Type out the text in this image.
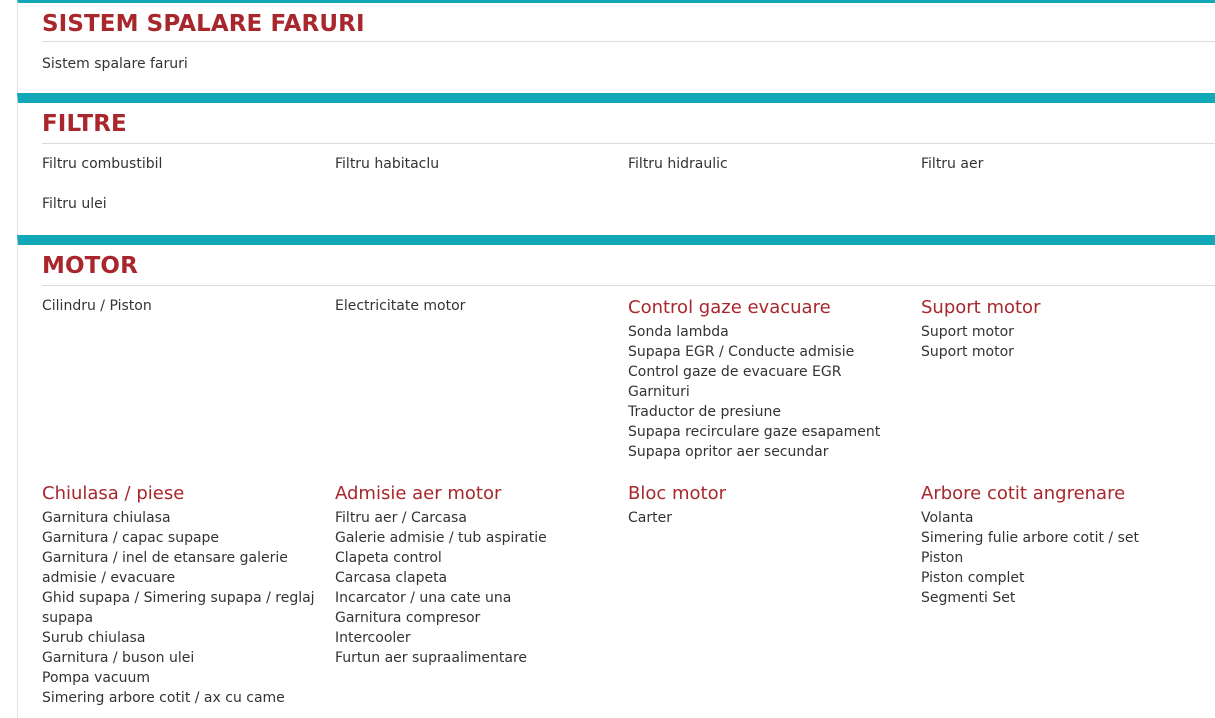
SISTEM SPALARE FARURI

Sistem spalare faruri

FILTRE

Filtru combustibil	Filtru habitaclu	Filtru hidraulic	Filtru aer

Filtru ulei

MOTOR

Cilindru / Piston	Electricitate motor	Control gaze evacuare

Sonda lambda
Supapa EGR / Conducte admisie
Control gaze de evacuare EGR
Garnituri
Traductor de presiune
Supapa recirculare gaze esapament
Supapa opritor aer secundar

Suport motor

Suport motor
Suport motor

Chiulasa / piese

Garnitura chiulasa
Garnitura / capac supape
Garnitura / inel de etansare galerie admisie / evacuare
Ghid supapa / Simering supapa / reglaj supapa
Surub chiulasa
Garnitura / buson ulei
Pompa vacuum
Simering arbore cotit / ax cu came

Admisie aer motor

Filtru aer / Carcasa
Galerie admisie / tub aspiratie
Clapeta control
Carcasa clapeta
Incarcator / una cate una
Garnitura compresor
Intercooler
Furtun aer supraalimentare

Bloc motor

Carter

Arbore cotit angrenare

Volanta
Simering fulie arbore cotit / set
Piston
Piston complet
Segmenti Set
